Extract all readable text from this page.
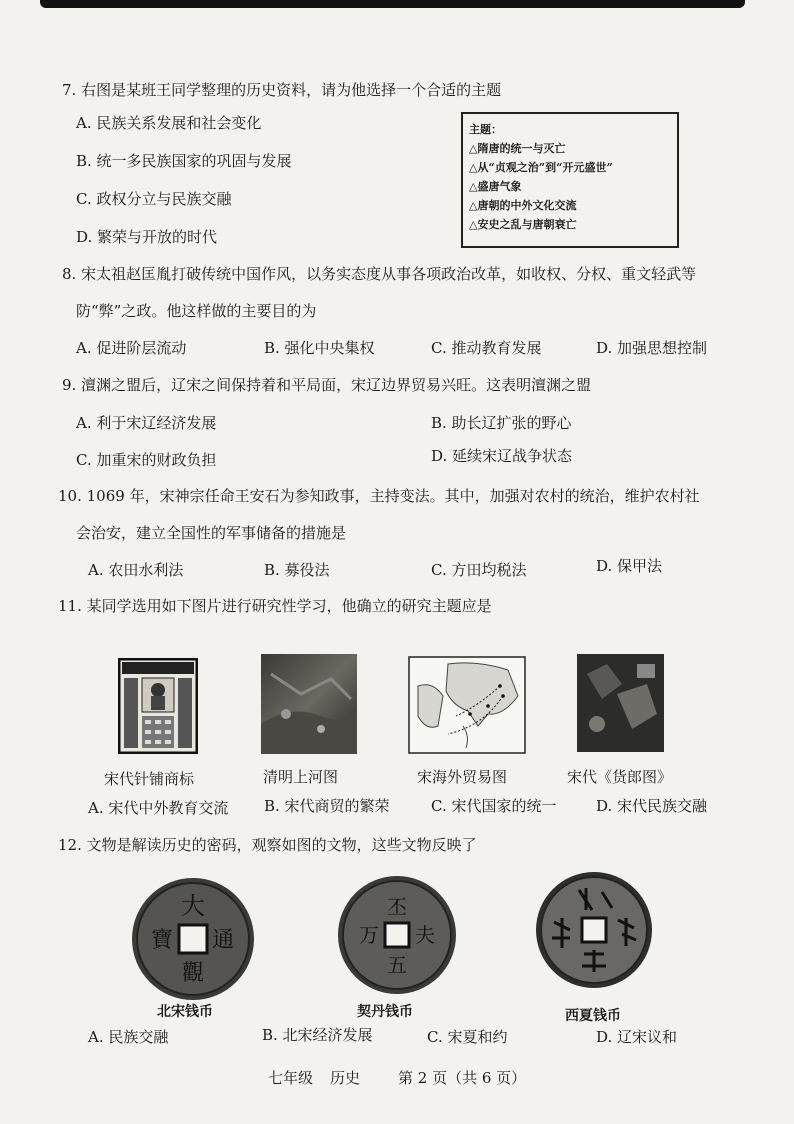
7. 右图是某班王同学整理的历史资料，请为他选择一个合适的主题
A. 民族关系发展和社会变化
B. 统一多民族国家的巩固与发展
C. 政权分立与民族交融
D. 繁荣与开放的时代
主题：
△隋唐的统一与灭亡
△从“贞观之治”到“开元盛世”
△盛唐气象
△唐朝的中外文化交流
△安史之乱与唐朝衰亡
8. 宋太祖赵匡胤打破传统中国作风，以务实态度从事各项政治改革，如收权、分权、重文轻武等
防“弊”之政。他这样做的主要目的为
A. 促进阶层流动	B. 强化中央集权	C. 推动教育发展	D. 加强思想控制
9. 澶渊之盟后，辽宋之间保持着和平局面，宋辽边界贸易兴旺。这表明澶渊之盟
A. 利于宋辽经济发展	B. 助长辽扩张的野心
C. 加重宋的财政负担	D. 延续宋辽战争状态
10. 1069 年，宋神宗任命王安石为参知政事，主持变法。其中，加强对农村的统治，维护农村社
会治安，建立全国性的军事储备的措施是
A. 农田水利法	B. 募役法	C. 方田均税法	D. 保甲法
11. 某同学选用如下图片进行研究性学习，他确立的研究主题应是
宋代针铺商标	清明上河图	宋海外贸易图	宋代《货郎图》
A. 宋代中外教育交流 B. 宋代商贸的繁荣	C. 宋代国家的统一	D. 宋代民族交融
12. 文物是解读历史的密码，观察如图的文物，这些文物反映了
大
通
觀
寶
丕
夫
五
万
北宋钱币	契丹钱币	西夏钱币
A. 民族交融	B. 北宋经济发展	C. 宋夏和约	D. 辽宋议和
七年级 历史	第 2 页（共 6 页）
